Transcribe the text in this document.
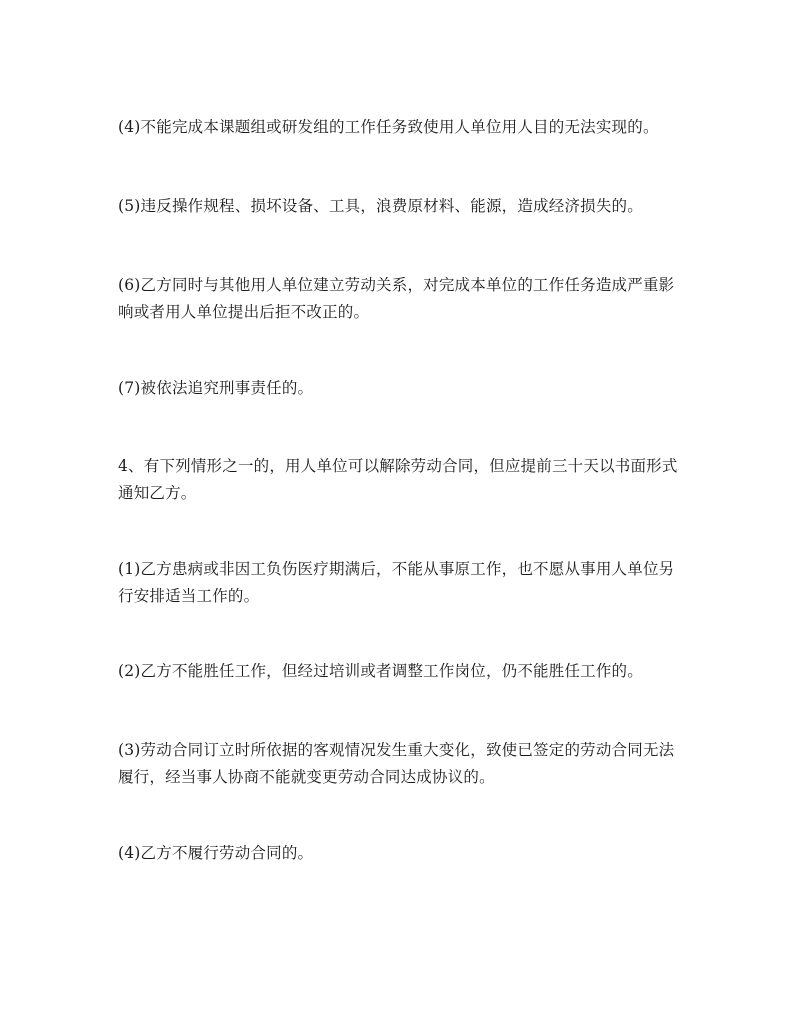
(4)不能完成本课题组或研发组的工作任务致使用人单位用人目的无法实现的。

(5)违反操作规程、损坏设备、工具，浪费原材料、能源，造成经济损失的。

(6)乙方同时与其他用人单位建立劳动关系，对完成本单位的工作任务造成严重影响或者用人单位提出后拒不改正的。

(7)被依法追究刑事责任的。

4、有下列情形之一的，用人单位可以解除劳动合同，但应提前三十天以书面形式通知乙方。

(1)乙方患病或非因工负伤医疗期满后，不能从事原工作，也不愿从事用人单位另行安排适当工作的。

(2)乙方不能胜任工作，但经过培训或者调整工作岗位，仍不能胜任工作的。

(3)劳动合同订立时所依据的客观情况发生重大变化，致使已签定的劳动合同无法履行，经当事人协商不能就变更劳动合同达成协议的。

(4)乙方不履行劳动合同的。
